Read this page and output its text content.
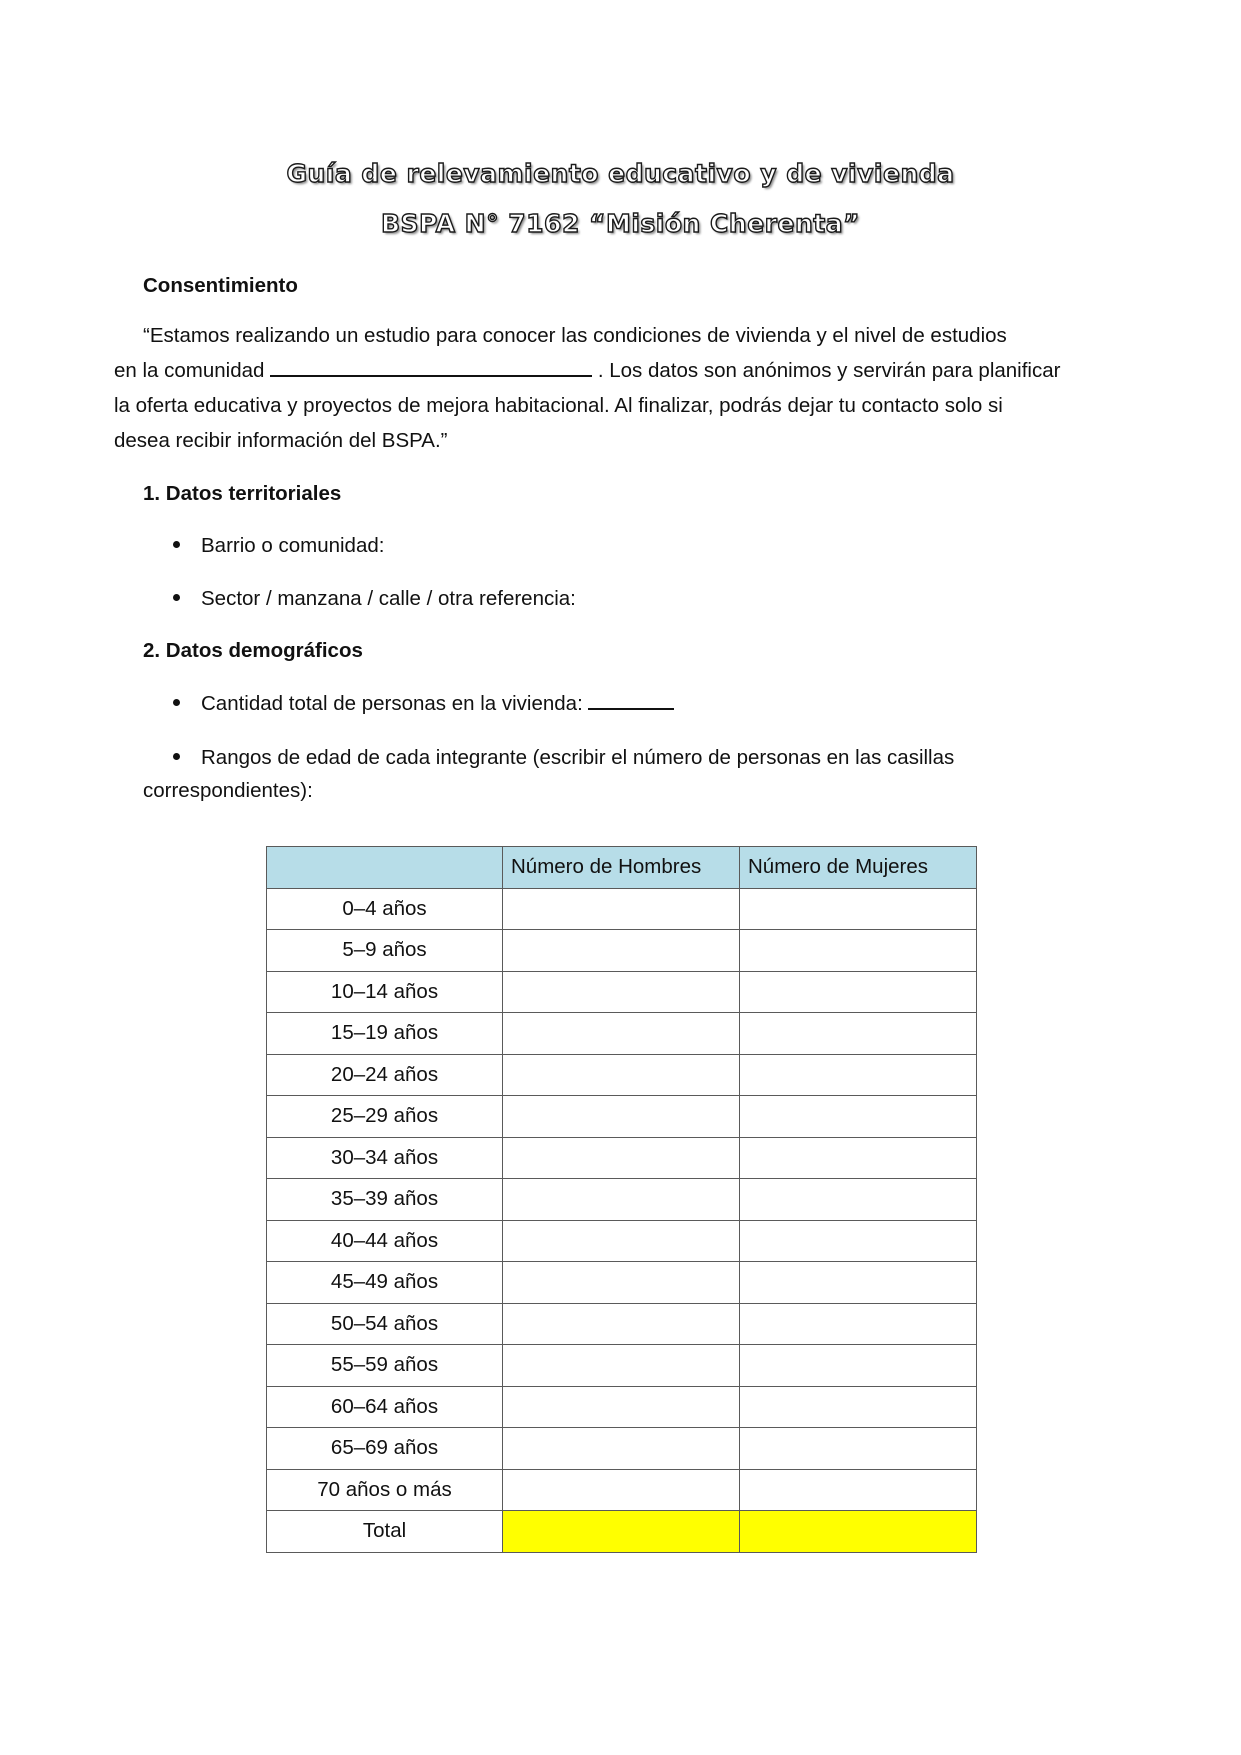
Guía de relevamiento educativo y de vivienda
BSPA N° 7162 “Misión Cherenta”
Consentimiento
“Estamos realizando un estudio para conocer las condiciones de vivienda y el nivel de estudios
en la comunidad	. Los datos son anónimos y servirán para planificar
la oferta educativa y proyectos de mejora habitacional. Al finalizar, podrás dejar tu contacto solo si
desea recibir información del BSPA.”
1. Datos territoriales
Barrio o comunidad:
Sector / manzana / calle / otra referencia:
2. Datos demográficos
Cantidad total de personas en la vivienda:
Rangos de edad de cada integrante (escribir el número de personas en las casillas
correspondientes):
	Número de Hombres	Número de Mujeres
0–4 años		
5–9 años		
10–14 años		
15–19 años		
20–24 años		
25–29 años		
30–34 años		
35–39 años		
40–44 años		
45–49 años		
50–54 años		
55–59 años		
60–64 años		
65–69 años		
70 años o más		
Total		
